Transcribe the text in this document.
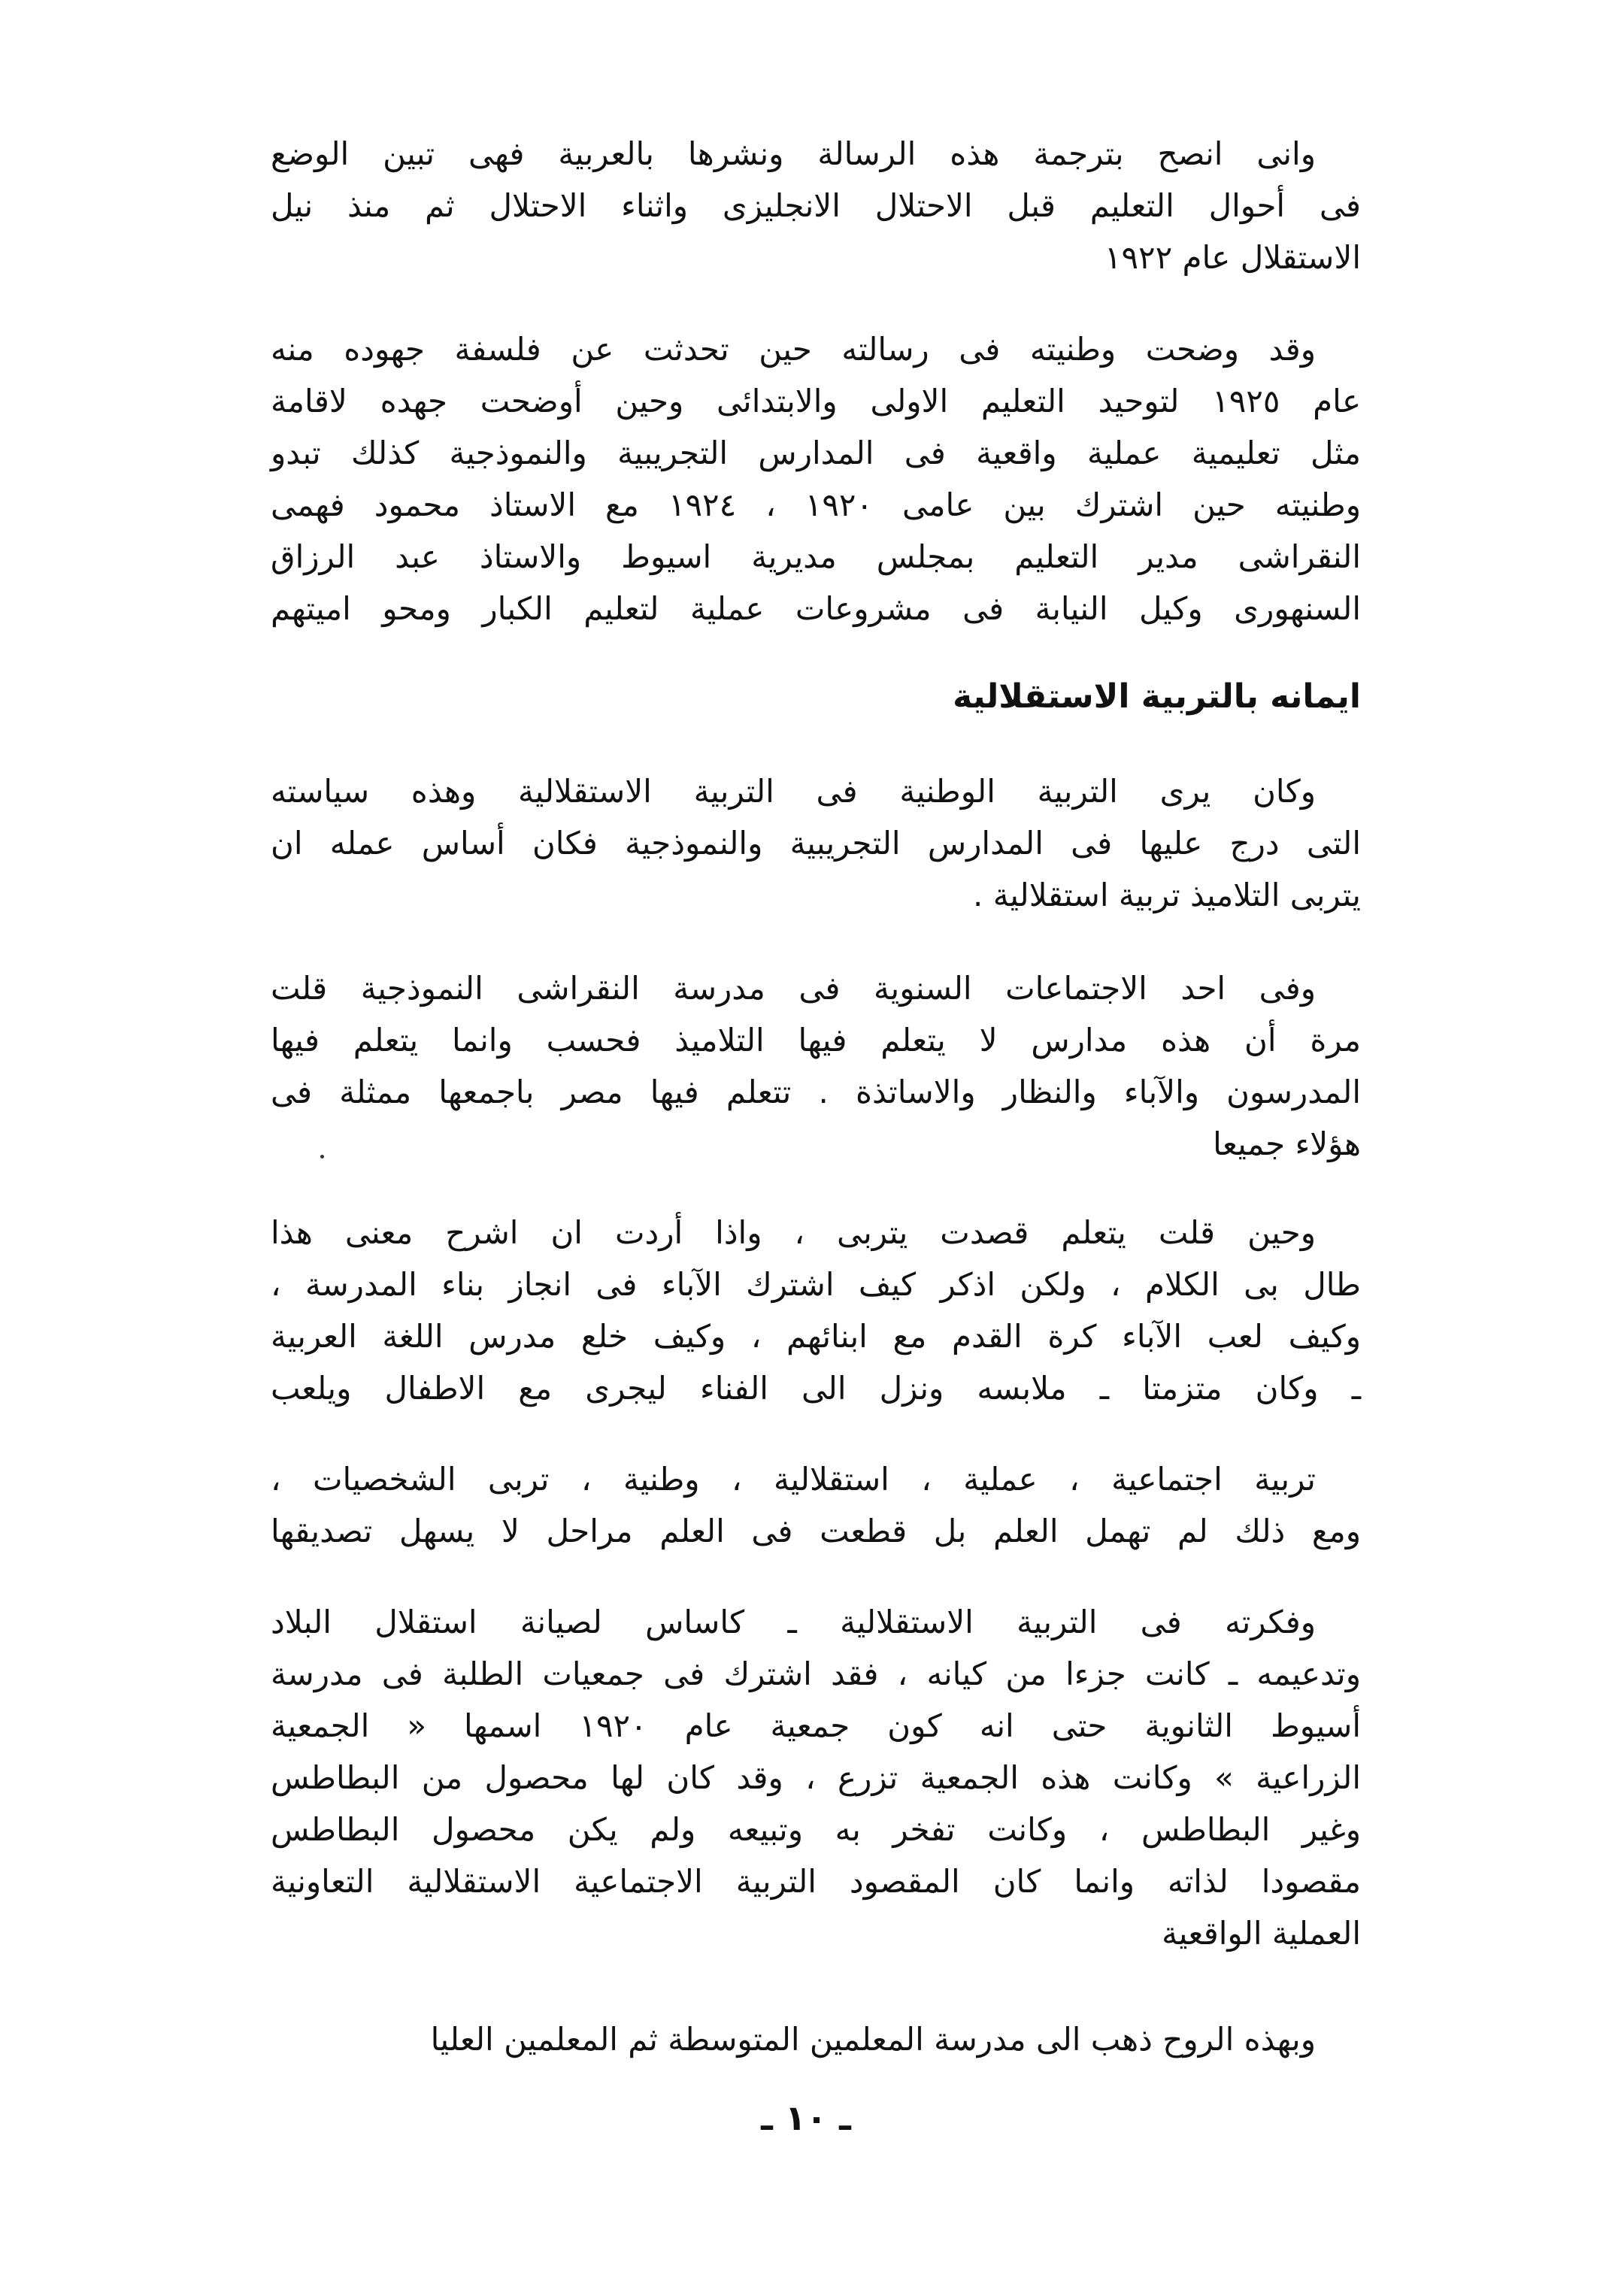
وانى انصح بترجمة هذه الرسالة ونشرها بالعربية فهى تبين الوضع
فى أحوال التعليم قبل الاحتلال الانجليزى واثناء الاحتلال ثم منذ نيل
الاستقلال عام ١٩٢٢
وقد وضحت وطنيته فى رسالته حين تحدثت عن فلسفة جهوده منه
عام ١٩٢٥ لتوحيد التعليم الاولى والابتدائى وحين أوضحت جهده لاقامة
مثل تعليمية عملية واقعية فى المدارس التجريبية والنموذجية كذلك تبدو
وطنيته حين اشترك بين عامى ١٩٢٠ ، ١٩٢٤ مع الاستاذ محمود فهمى
النقراشى مدير التعليم بمجلس مديرية اسيوط والاستاذ عبد الرزاق
السنهورى وكيل النيابة فى مشروعات عملية لتعليم الكبار ومحو اميتهم
ايمانه بالتربية الاستقلالية
وكان يرى التربية الوطنية فى التربية الاستقلالية وهذه سياسته
التى درج عليها فى المدارس التجريبية والنموذجية فكان أساس عمله ان
يتربى التلاميذ تربية استقلالية .
وفى احد الاجتماعات السنوية فى مدرسة النقراشى النموذجية قلت
مرة أن هذه مدارس لا يتعلم فيها التلاميذ فحسب وانما يتعلم فيها
المدرسون والآباء والنظار والاساتذة . تتعلم فيها مصر باجمعها ممثلة فى
هؤلاء جميعا
وحين قلت يتعلم قصدت يتربى ، واذا أردت ان اشرح معنى هذا
طال بى الكلام ، ولكن اذكر كيف اشترك الآباء فى انجاز بناء المدرسة ،
وكيف لعب الآباء كرة القدم مع ابنائهم ، وكيف خلع مدرس اللغة العربية
ـ وكان متزمتا ـ ملابسه ونزل الى الفناء ليجرى مع الاطفال ويلعب
تربية اجتماعية ، عملية ، استقلالية ، وطنية ، تربى الشخصيات ،
ومع ذلك لم تهمل العلم بل قطعت فى العلم مراحل لا يسهل تصديقها
وفكرته فى التربية الاستقلالية ـ كاساس لصيانة استقلال البلاد
وتدعيمه ـ كانت جزءا من كيانه ، فقد اشترك فى جمعيات الطلبة فى مدرسة
أسيوط الثانوية حتى انه كون جمعية عام ١٩٢٠ اسمها « الجمعية
الزراعية » وكانت هذه الجمعية تزرع ، وقد كان لها محصول من البطاطس
وغير البطاطس ، وكانت تفخر به وتبيعه ولم يكن محصول البطاطس
مقصودا لذاته وانما كان المقصود التربية الاجتماعية الاستقلالية التعاونية
العملية الواقعية
وبهذه الروح ذهب الى مدرسة المعلمين المتوسطة ثم المعلمين العليا
ـ ١٠ ـ
